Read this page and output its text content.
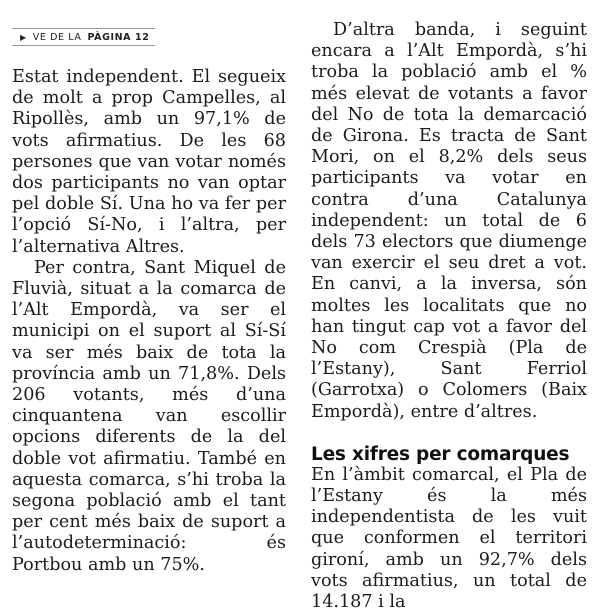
▶ VE DE LA PÀGINA 12

Estat independent. El segueix de molt a prop Campelles, al Ripollès, amb un 97,1% de vots afirmatius. De les 68 persones que van votar només dos participants no van optar pel doble Sí. Una ho va fer per l’opció Sí-No, i l’altra, per l’alternativa Altres.

Per contra, Sant Miquel de Fluvià, situat a la comarca de l’Alt Empordà, va ser el municipi on el suport al Sí-Sí va ser més baix de tota la província amb un 71,8%. Dels 206 votants, més d’una cinquantena van escollir opcions diferents de la del doble vot afirmatiu. També en aquesta comarca, s’hi troba la segona població amb el tant per cent més baix de suport a l’autodeterminació: és Portbou amb un 75%.

D’altra banda, i seguint encara a l’Alt Empordà, s’hi troba la població amb el % més elevat de votants a favor del No de tota la demarcació de Girona. Es tracta de Sant Mori, on el 8,2% dels seus participants va votar en contra d’una Catalunya independent: un total de 6 dels 73 electors que diumenge van exercir el seu dret a vot. En canvi, a la inversa, són moltes les localitats que no han tingut cap vot a favor del No com Crespià (Pla de l’Estany), Sant Ferriol (Garrotxa) o Colomers (Baix Empordà), entre d’altres.

Les xifres per comarques

En l’àmbit comarcal, el Pla de l’Estany és la més independentista de les vuit que conformen el territori gironí, amb un 92,7% dels vots afirmatius, un total de 14.187 i la
